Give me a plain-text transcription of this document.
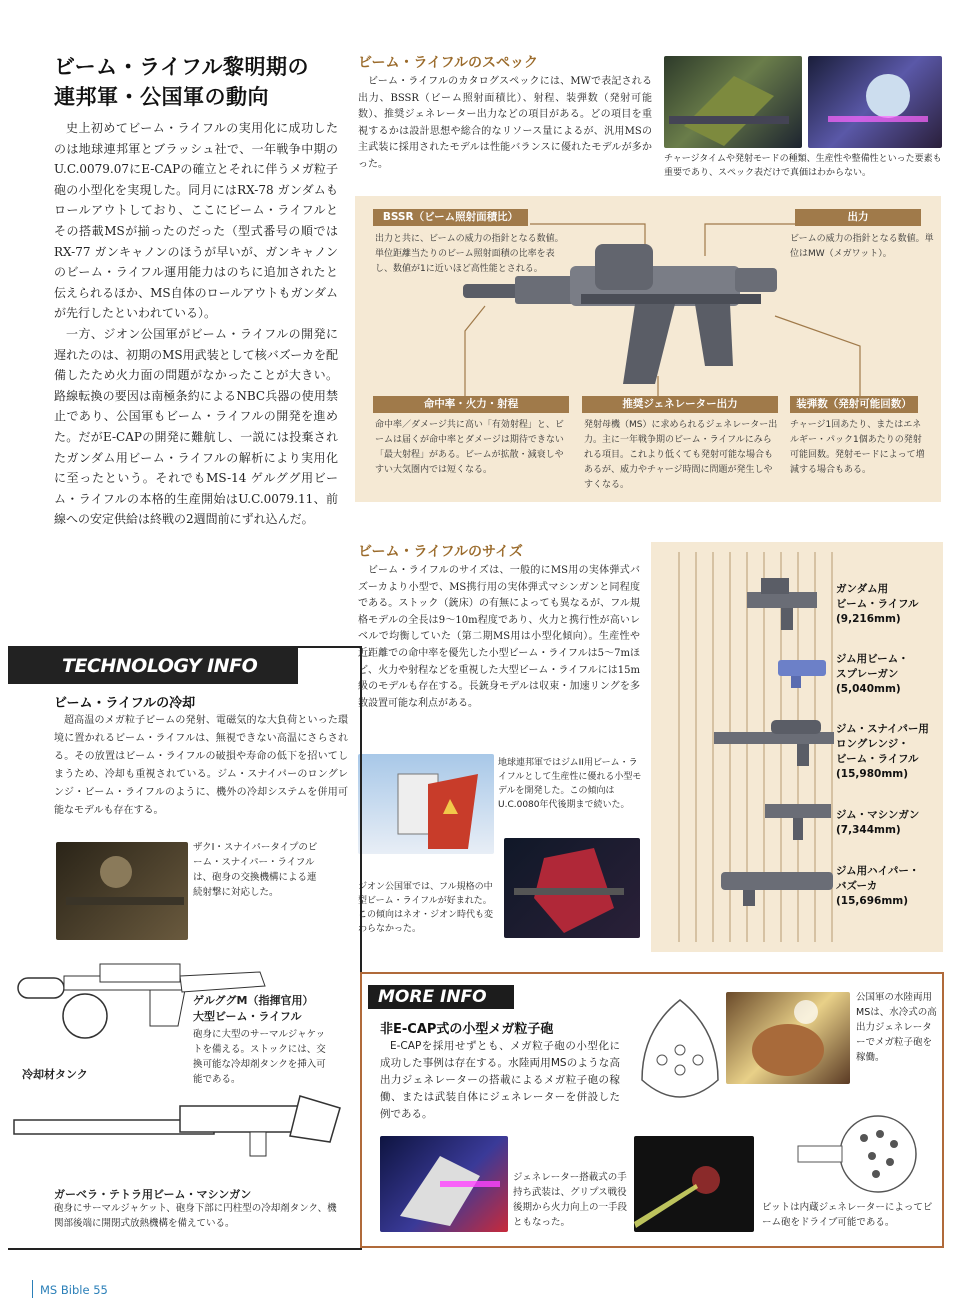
ビーム・ライフル黎明期の
連邦軍・公国軍の動向

史上初めてビーム・ライフルの実用化に成功したのは地球連邦軍とブラッシュ社で、一年戦争中期のU.C.0079.07にE-CAPの確立とそれに伴うメガ粒子砲の小型化を実現した。同月にはRX-78 ガンダムもロールアウトしており、ここにビーム・ライフルとその搭載MSが揃ったのだった（型式番号の順ではRX-77 ガンキャノンのほうが早いが、ガンキャノンのビーム・ライフル運用能力はのちに追加されたと伝えられるほか、MS自体のロールアウトもガンダムが先行したといわれている）。

一方、ジオン公国軍がビーム・ライフルの開発に遅れたのは、初期のMS用武装として核バズーカを配備したため火力面の問題がなかったことが大きい。路線転換の要因は南極条約によるNBC兵器の使用禁止であり、公国軍もビーム・ライフルの開発を進めた。だがE-CAPの開発に難航し、一説には投棄されたガンダム用ビーム・ライフルの解析により実用化に至ったという。それでもMS-14 ゲルググ用ビーム・ライフルの本格的生産開始はU.C.0079.11、前線への安定供給は終戦の2週間前にずれ込んだ。

ビーム・ライフルのスペック

ビーム・ライフルのカタログスペックには、MWで表記される出力、BSSR（ビーム照射面積比）、射程、装弾数（発射可能数）、推奨ジェネレーター出力などの項目がある。どの項目を重視するかは設計思想や総合的なリソース量によるが、汎用MSの主武装に採用されたモデルは性能バランスに優れたモデルが多かった。	チャージタイムや発射モードの種類、生産性や整備性といった要素も重要であり、スペック表だけで真価はわからない。
BSSR（ビーム照射面積比）
出力と共に、ビームの威力の指針となる数値。単位距離当たりのビーム照射面積の比率を表し、数値が1に近いほど高性能とされる。
出力
ビームの威力の指針となる数値。単位はMW（メガワット）。
命中率・火力・射程
命中率／ダメージ共に高い「有効射程」と、ビームは届くが命中率とダメージは期待できない「最大射程」がある。ビームが拡散・減衰しやすい大気圏内では短くなる。
推奨ジェネレーター出力
発射母機（MS）に求められるジェネレーター出力。主に一年戦争期のビーム・ライフルにみられる項目。これより低くても発射可能な場合もあるが、威力やチャージ時間に問題が発生しやすくなる。
装弾数（発射可能回数）
チャージ1回あたり、またはエネルギー・パック1個あたりの発射可能回数。発射モードによって増減する場合もある。
ビーム・ライフルのサイズ

ビーム・ライフルのサイズは、一般的にMS用の実体弾式バズーカより小型で、MS携行用の実体弾式マシンガンと同程度である。ストック（銃床）の有無によっても異なるが、フル規格モデルの全長は9〜10m程度であり、火力と携行性が高いレベルで均衡していた（第二期MS用は小型化傾向）。生産性や近距離での命中率を優先した小型ビーム・ライフルは5〜7mほど、火力や射程などを重視した大型ビーム・ライフルには15m級のモデルも存在する。長銃身モデルは収束・加速リングを多数設置可能な利点がある。

地球連邦軍ではジムII用ビーム・ライフルとして生産性に優れる小型モデルを開発した。この傾向はU.C.0080年代後期まで続いた。
ジオン公国軍では、フル規格の中型ビーム・ライフルが好まれた。この傾向はネオ・ジオン時代も変わらなかった。
ガンダム用
ビーム・ライフル
(9,216mm)
ジム用ビーム・
スプレーガン
(5,040mm)
ジム・スナイパー用
ロングレンジ・
ビーム・ライフル
(15,980mm)
ジム・マシンガン
(7,344mm)
ジム用ハイパー・
バズーカ
(15,696mm)
TECHNOLOGY INFO
ビーム・ライフルの冷却

超高温のメガ粒子ビームの発射、電磁気的な大負荷といった環境に置かれるビーム・ライフルは、無視できない高温にさらされる。その放置はビーム・ライフルの破損や寿命の低下を招いてしまうため、冷却も重視されている。ジム・スナイパーのロングレンジ・ビーム・ライフルのように、機外の冷却システムを併用可能なモデルも存在する。

ザクI・スナイパータイプのビーム・スナイパー・ライフルは、砲身の交換機構による連続射撃に対応した。
ゲルググM（指揮官用）
大型ビーム・ライフル
砲身に大型のサーマルジャケットを備える。ストックには、交換可能な冷却剤タンクを挿入可能である。
冷却材タンク
ガーベラ・テトラ用ビーム・マシンガン
砲身にサーマルジャケット、砲身下部に円柱型の冷却剤タンク、機関部後端に開閉式放熱機構を備えている。
MORE INFO
非E-CAP式の小型メガ粒子砲

E-CAPを採用せずとも、メガ粒子砲の小型化に成功した事例は存在する。水陸両用MSのような高出力ジェネレーターの搭載によるメガ粒子砲の稼働、または武装自体にジェネレーターを併設した例である。

公国軍の水陸両用MSは、水冷式の高出力ジェネレーターでメガ粒子砲を稼働。
ジェネレーター搭載式の手持ち武装は、グリプス戦役後期から火力向上の一手段ともなった。
ビットは内蔵ジェネレーターによってビーム砲をドライブ可能である。
MS Bible 55
